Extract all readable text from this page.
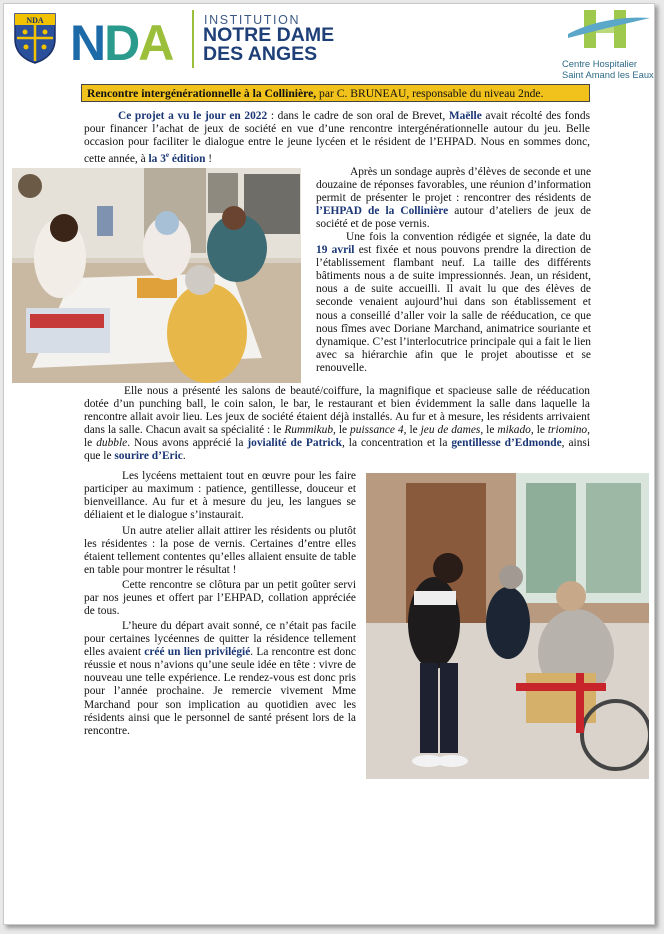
NDA NDA	INSTITUTION
NOTRE DAME DES ANGES	Centre Hospitalier
Saint Amand les Eaux
Rencontre intergénérationnelle à la Collinière, par C. BRUNEAU, responsable du niveau 2nde.

Ce projet a vu le jour en 2022 : dans le cadre de son oral de Brevet, Maëlle avait récolté des fonds pour financer l’achat de jeux de société en vue d’une rencontre intergénérationnelle autour du jeu. Belle occasion pour faciliter le dialogue entre le jeune lycéen et le résident de l’EHPAD. Nous en sommes donc, cette année, à la 3e édition !

Après un sondage auprès d’élèves de seconde et une douzaine de réponses favorables, une réunion d’information permit de présenter le projet : rencontrer des résidents de l’EHPAD de la Collinière autour d’ateliers de jeux de société et de pose vernis.

Une fois la convention rédigée et signée, la date du 19 avril est fixée et nous pouvons prendre la direction de l’établissement flambant neuf. La taille des différents bâtiments nous a de suite impressionnés. Jean, un résident, nous a de suite accueilli. Il avait lu que des élèves de seconde venaient aujourd’hui dans son établissement et nous a conseillé d’aller voir la salle de rééducation, ce que nous fîmes avec Doriane Marchand, animatrice souriante et dynamique. C’est l’interlocutrice principale qui a fait le lien avec sa hiérarchie afin que le projet aboutisse et se renouvelle.

Elle nous a présenté les salons de beauté/coiffure, la magnifique et spacieuse salle de rééducation dotée d’un punching ball, le coin salon, le bar, le restaurant et bien évidemment la salle dans laquelle la rencontre allait avoir lieu. Les jeux de société étaient déjà installés. Au fur et à mesure, les résidents arrivaient dans la salle. Chacun avait sa spécialité : le Rummikub, le puissance 4, le jeu de dames, le mikado, le triomino, le dubble. Nous avons apprécié la jovialité de Patrick, la concentration et la gentillesse d’Edmonde, ainsi que le sourire d’Eric.

Les lycéens mettaient tout en œuvre pour les faire participer au maximum : patience, gentillesse, douceur et bienveillance. Au fur et à mesure du jeu, les langues se déliaient et le dialogue s’instaurait.

Un autre atelier allait attirer les résidents ou plutôt les résidentes : la pose de vernis. Certaines d’entre elles étaient tellement contentes qu’elles allaient ensuite de table en table pour montrer le résultat !

Cette rencontre se clôtura par un petit goûter servi par nos jeunes et offert par l’EHPAD, collation appréciée de tous.

L’heure du départ avait sonné, ce n’était pas facile pour certaines lycéennes de quitter la résidence tellement elles avaient créé un lien privilégié. La rencontre est donc réussie et nous n’avions qu’une seule idée en tête : vivre de nouveau une telle expérience. Le rendez-vous est donc pris pour l’année prochaine. Je remercie vivement Mme Marchand pour son implication au quotidien avec les résidents ainsi que le personnel de santé présent lors de la rencontre.
